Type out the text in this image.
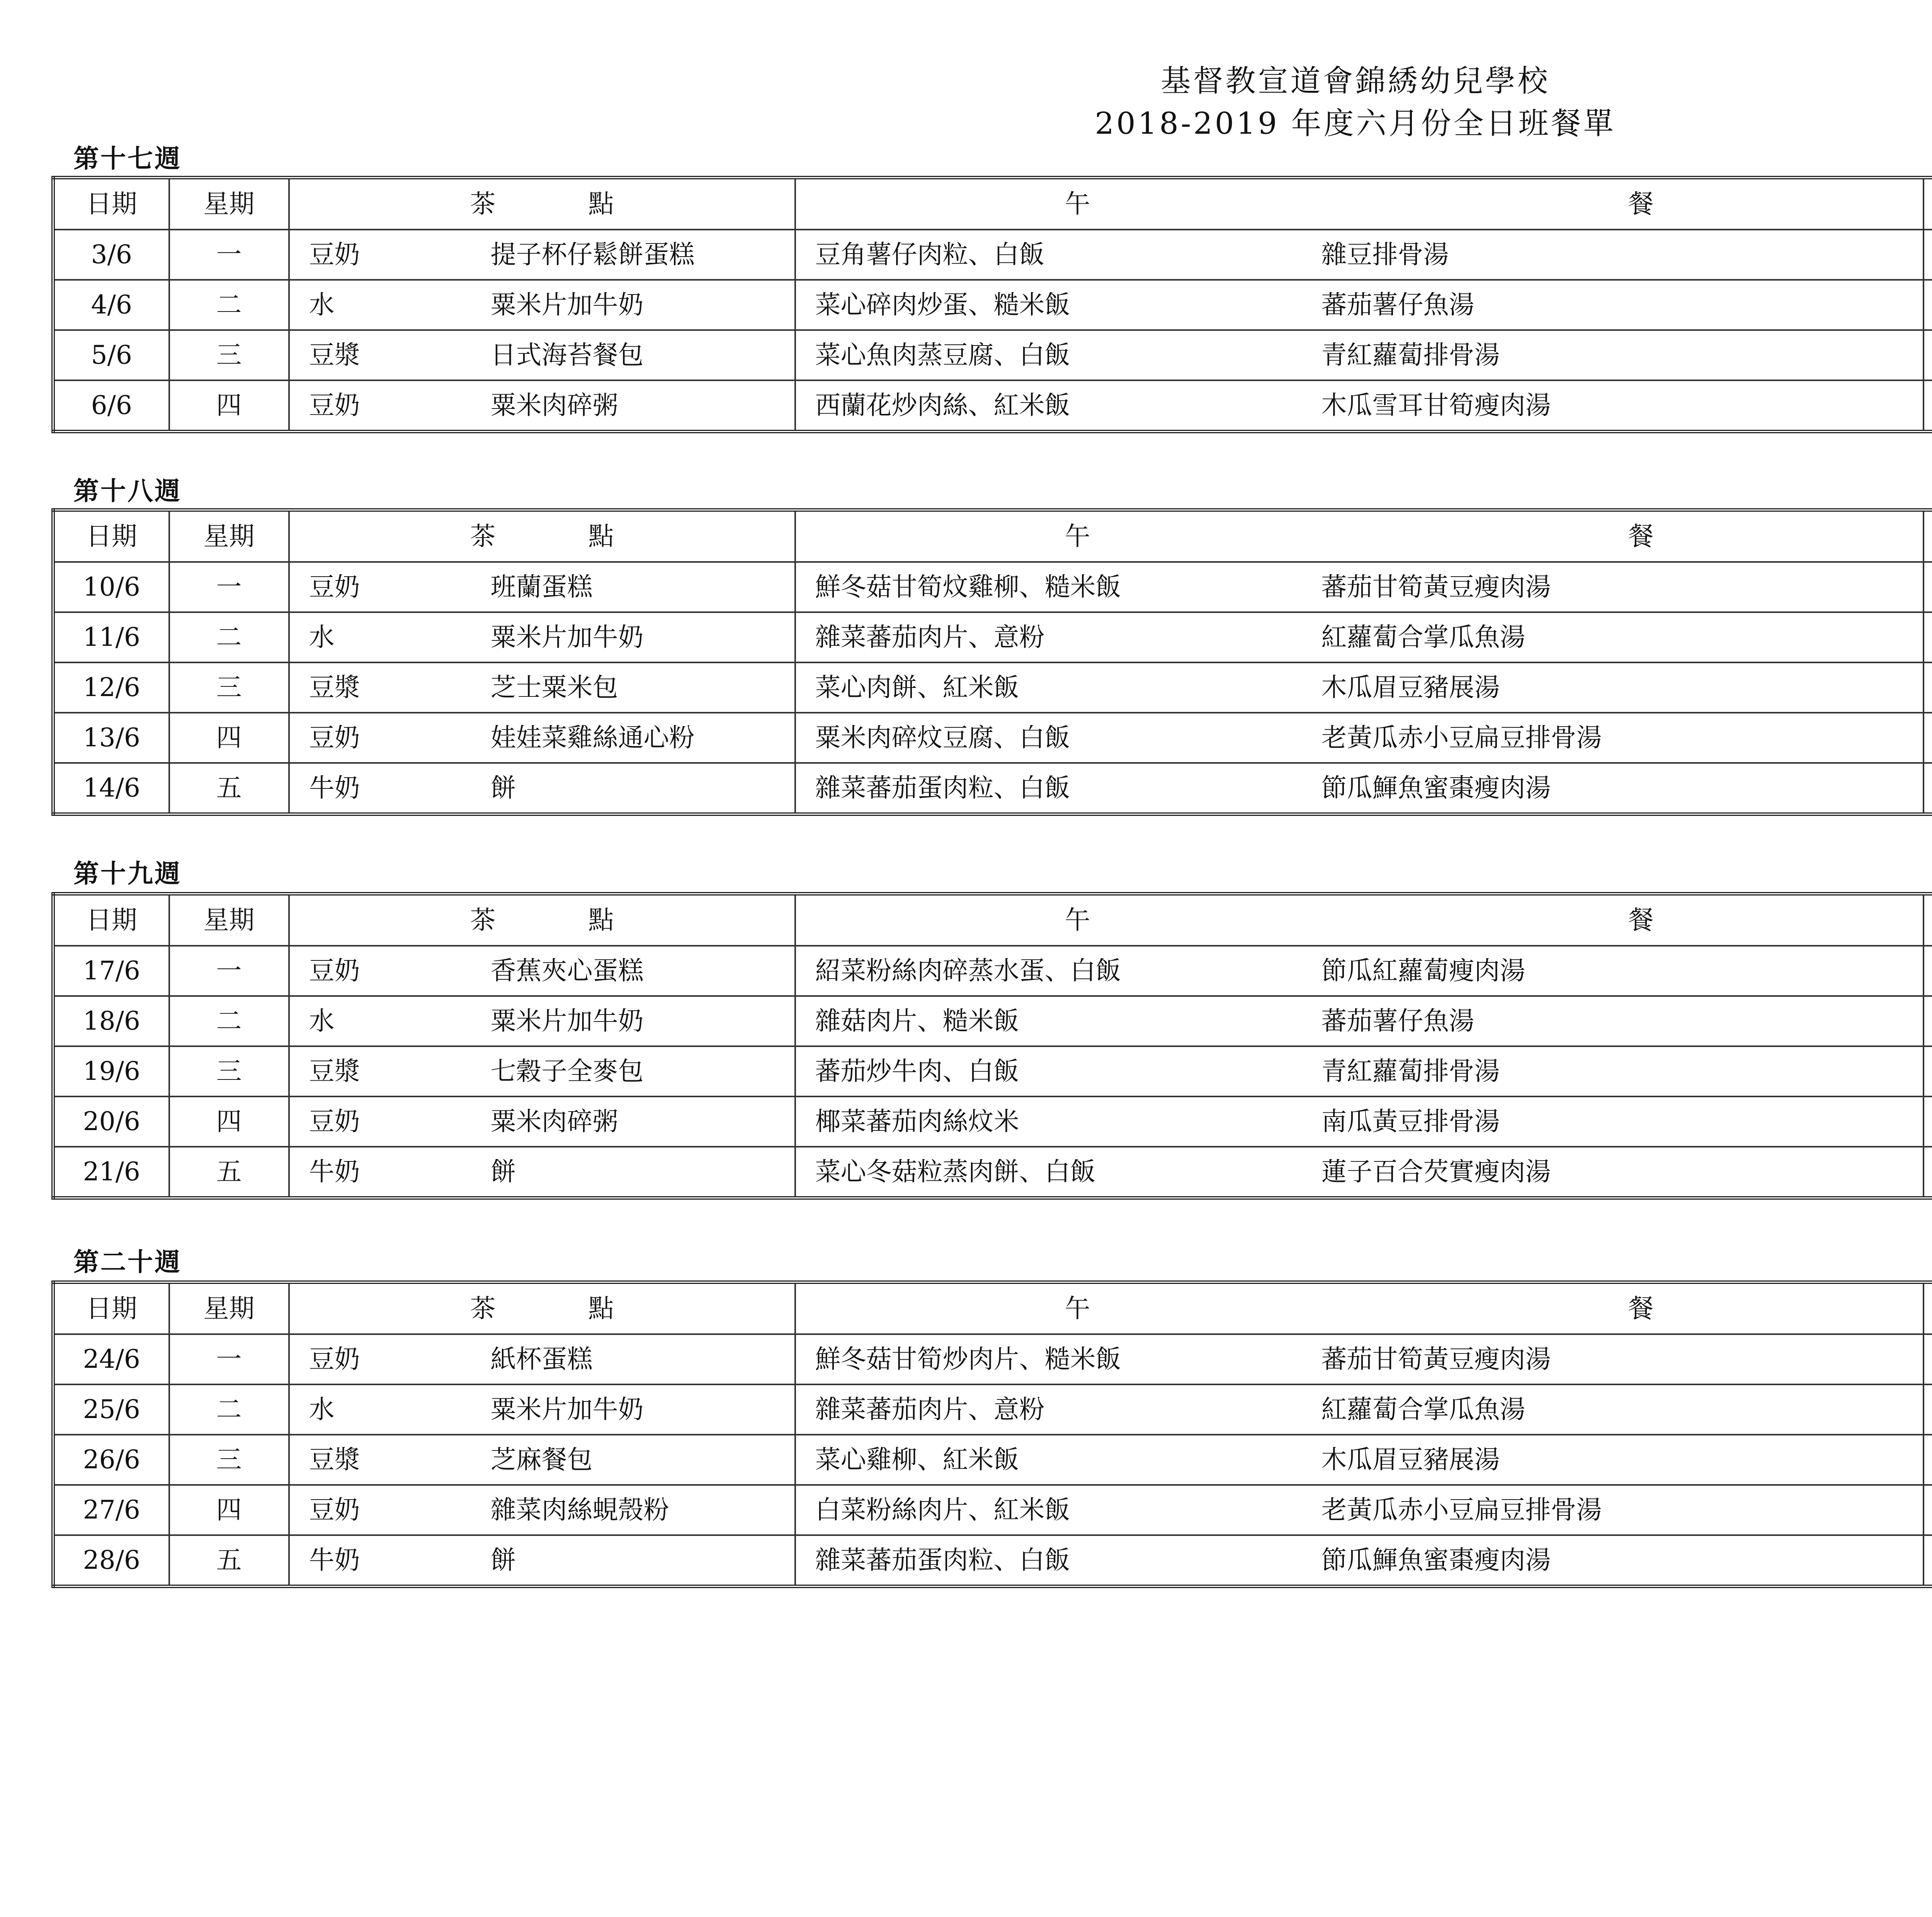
基督教宣道會錦綉幼兒學校
2018-2019 年度六月份全日班餐單
第十七週
日期	星期	茶 點	午 餐		
3/6	一	豆奶 提子杯仔鬆餅蛋糕	豆角薯仔肉粒、白飯 雜豆排骨湯		
4/6	二	水 粟米片加牛奶	菜心碎肉炒蛋、糙米飯 蕃茄薯仔魚湯		
5/6	三	豆漿 日式海苔餐包	菜心魚肉蒸豆腐、白飯 青紅蘿蔔排骨湯		
6/6	四	豆奶 粟米肉碎粥	西蘭花炒肉絲、紅米飯 木瓜雪耳甘筍瘦肉湯		
第十八週
日期	星期	茶 點	午 餐		
10/6	一	豆奶 班蘭蛋糕	鮮冬菇甘筍炆雞柳、糙米飯 蕃茄甘筍黃豆瘦肉湯		
11/6	二	水 粟米片加牛奶	雜菜蕃茄肉片、意粉 紅蘿蔔合掌瓜魚湯		
12/6	三	豆漿 芝士粟米包	菜心肉餅、紅米飯 木瓜眉豆豬展湯		
13/6	四	豆奶 娃娃菜雞絲通心粉	粟米肉碎炆豆腐、白飯 老黃瓜赤小豆扁豆排骨湯		
14/6	五	牛奶 餅	雜菜蕃茄蛋肉粒、白飯 節瓜鯶魚蜜棗瘦肉湯		
第十九週
日期	星期	茶 點	午 餐		
17/6	一	豆奶 香蕉夾心蛋糕	紹菜粉絲肉碎蒸水蛋、白飯 節瓜紅蘿蔔瘦肉湯		
18/6	二	水 粟米片加牛奶	雜菇肉片、糙米飯 蕃茄薯仔魚湯		
19/6	三	豆漿 七穀子全麥包	蕃茄炒牛肉、白飯 青紅蘿蔔排骨湯		
20/6	四	豆奶 粟米肉碎粥	椰菜蕃茄肉絲炆米 南瓜黃豆排骨湯		
21/6	五	牛奶 餅	菜心冬菇粒蒸肉餅、白飯 蓮子百合芡實瘦肉湯		
第二十週
日期	星期	茶 點	午 餐		
24/6	一	豆奶 紙杯蛋糕	鮮冬菇甘筍炒肉片、糙米飯 蕃茄甘筍黃豆瘦肉湯		
25/6	二	水 粟米片加牛奶	雜菜蕃茄肉片、意粉 紅蘿蔔合掌瓜魚湯		
26/6	三	豆漿 芝麻餐包	菜心雞柳、紅米飯 木瓜眉豆豬展湯		
27/6	四	豆奶 雜菜肉絲蜆殼粉	白菜粉絲肉片、紅米飯 老黃瓜赤小豆扁豆排骨湯		
28/6	五	牛奶 餅	雜菜蕃茄蛋肉粒、白飯 節瓜鯶魚蜜棗瘦肉湯		
